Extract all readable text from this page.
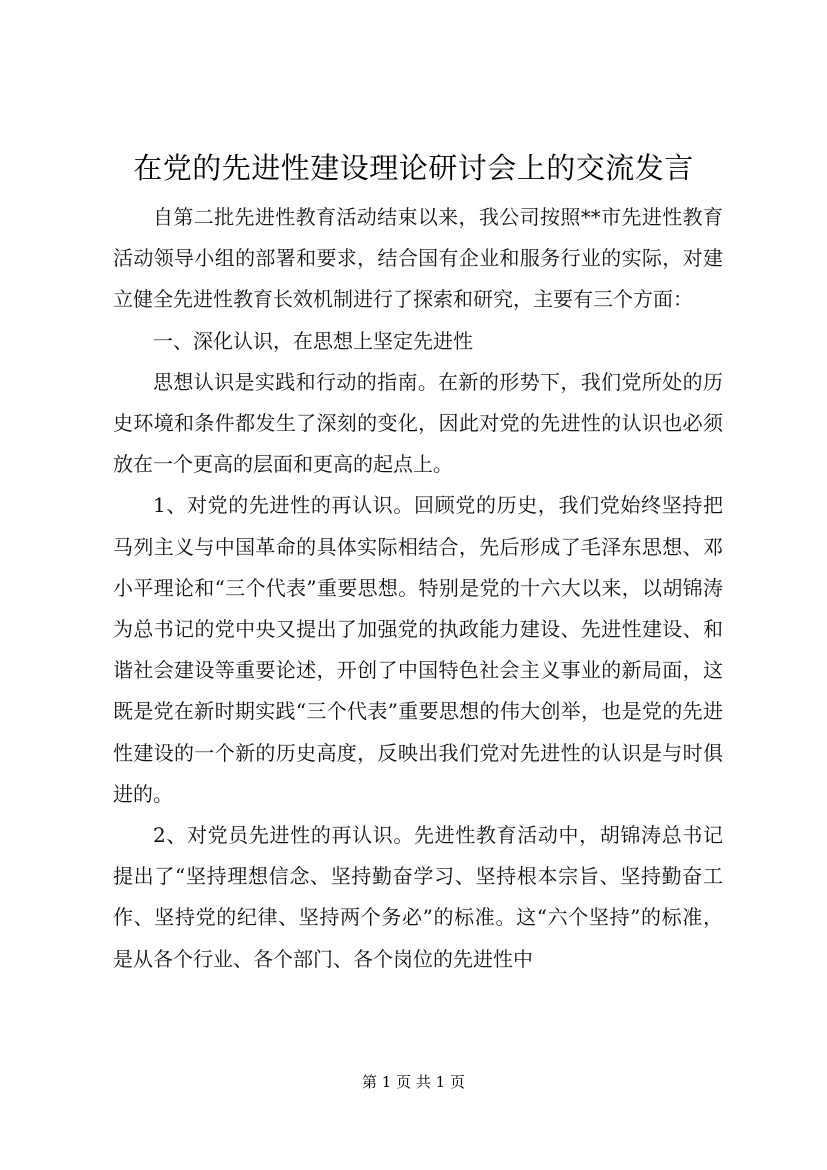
在党的先进性建设理论研讨会上的交流发言

自第二批先进性教育活动结束以来，我公司按照**市先进性教育活动领导小组的部署和要求，结合国有企业和服务行业的实际，对建立健全先进性教育长效机制进行了探索和研究，主要有三个方面：

一、深化认识，在思想上坚定先进性

思想认识是实践和行动的指南。在新的形势下，我们党所处的历史环境和条件都发生了深刻的变化，因此对党的先进性的认识也必须放在一个更高的层面和更高的起点上。

1、对党的先进性的再认识。回顾党的历史，我们党始终坚持把马列主义与中国革命的具体实际相结合，先后形成了毛泽东思想、邓小平理论和“三个代表”重要思想。特别是党的十六大以来，以胡锦涛为总书记的党中央又提出了加强党的执政能力建设、先进性建设、和谐社会建设等重要论述，开创了中国特色社会主义事业的新局面，这既是党在新时期实践“三个代表”重要思想的伟大创举，也是党的先进性建设的一个新的历史高度，反映出我们党对先进性的认识是与时俱进的。

2、对党员先进性的再认识。先进性教育活动中，胡锦涛总书记提出了“坚持理想信念、坚持勤奋学习、坚持根本宗旨、坚持勤奋工作、坚持党的纪律、坚持两个务必”的标准。这“六个坚持”的标准，是从各个行业、各个部门、各个岗位的先进性中

第 1 页 共 1 页
